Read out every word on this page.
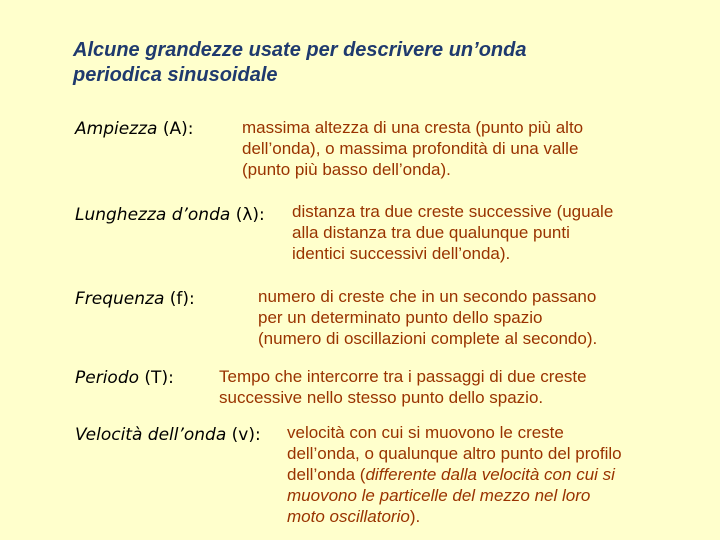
Alcune grandezze usate per descrivere un’onda
periodica sinusoidale
Ampiezza (A):	massima altezza di una cresta (punto più alto
dell’onda), o massima profondità di una valle
(punto più basso dell’onda).
Lunghezza d’onda (λ): distanza tra due creste successive (uguale
alla distanza tra due qualunque punti
identici successivi dell’onda).
Frequenza (f):	numero di creste che in un secondo passano
per un determinato punto dello spazio
(numero di oscillazioni complete al secondo).
Periodo (T):	Tempo che intercorre tra i passaggi di due creste
successive nello stesso punto dello spazio.
Velocità dell’onda (v): velocità con cui si muovono le creste
dell’onda, o qualunque altro punto del profilo
dell’onda (differente dalla velocità con cui si
muovono le particelle del mezzo nel loro
moto oscillatorio).
